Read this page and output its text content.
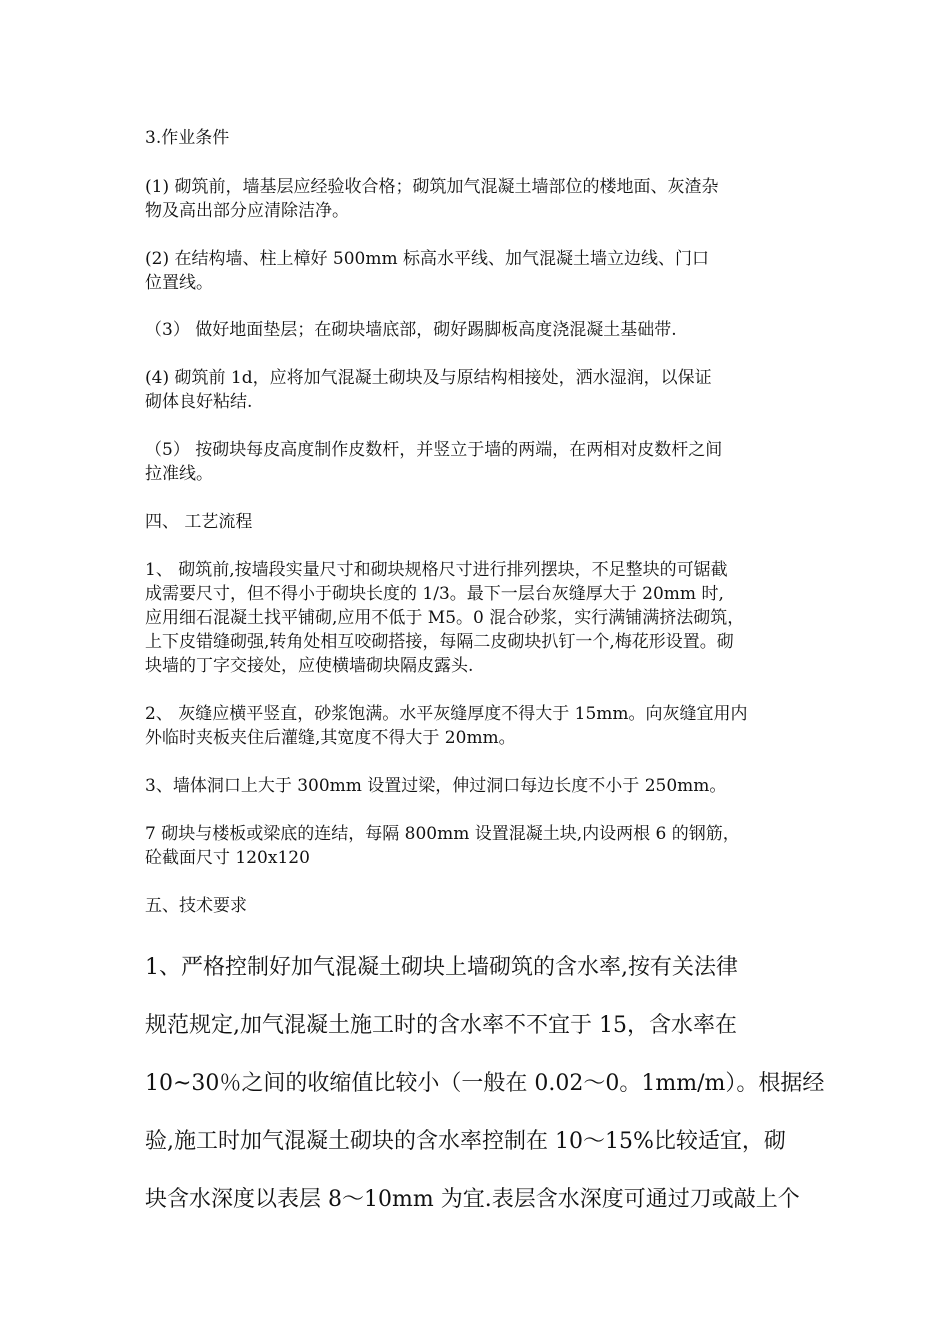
3.作业条件

(1) 砌筑前，墙基层应经验收合格；砌筑加气混凝土墙部位的楼地面、灰渣杂
物及高出部分应清除洁净。

(2) 在结构墙、柱上樟好 500mm 标高水平线、加气混凝土墙立边线、门口
位置线。

（3） 做好地面垫层；在砌块墙底部，砌好踢脚板高度浇混凝土基础带.

(4) 砌筑前 1d，应将加气混凝土砌块及与原结构相接处，洒水湿润，以保证
砌体良好粘结.

（5） 按砌块每皮高度制作皮数杆，并竖立于墙的两端，在两相对皮数杆之间
拉准线。

四、 工艺流程

1、 砌筑前,按墙段实量尺寸和砌块规格尺寸进行排列摆块，不足整块的可锯截
成需要尺寸，但不得小于砌块长度的 1/3。最下一层台灰缝厚大于 20mm 时,
应用细石混凝土找平铺砌,应用不低于 M5。0 混合砂浆，实行满铺满挤法砌筑，
上下皮错缝砌强,转角处相互咬砌搭接，每隔二皮砌块扒钉一个,梅花形设置。砌
块墙的丁字交接处，应使横墙砌块隔皮露头.

2、 灰缝应横平竖直，砂浆饱满。水平灰缝厚度不得大于 15mm。向灰缝宜用内
外临时夹板夹住后灌缝,其宽度不得大于 20mm。

3、墙体洞口上大于 300mm 设置过梁，伸过洞口每边长度不小于 250mm。

7 砌块与楼板或梁底的连结，每隔 800mm 设置混凝土块,内设两根 6 的钢筋，
砼截面尺寸 120x120

五、技术要求

1、严格控制好加气混凝土砌块上墙砌筑的含水率,按有关法律
规范规定,加气混凝土施工时的含水率不不宜于 15，含水率在
10~30％之间的收缩值比较小（一般在 0.02～0。1mm/m）。根据经
验,施工时加气混凝土砌块的含水率控制在 10～15%比较适宜，砌
块含水深度以表层 8～10mm 为宜.表层含水深度可通过刀或敲上个
